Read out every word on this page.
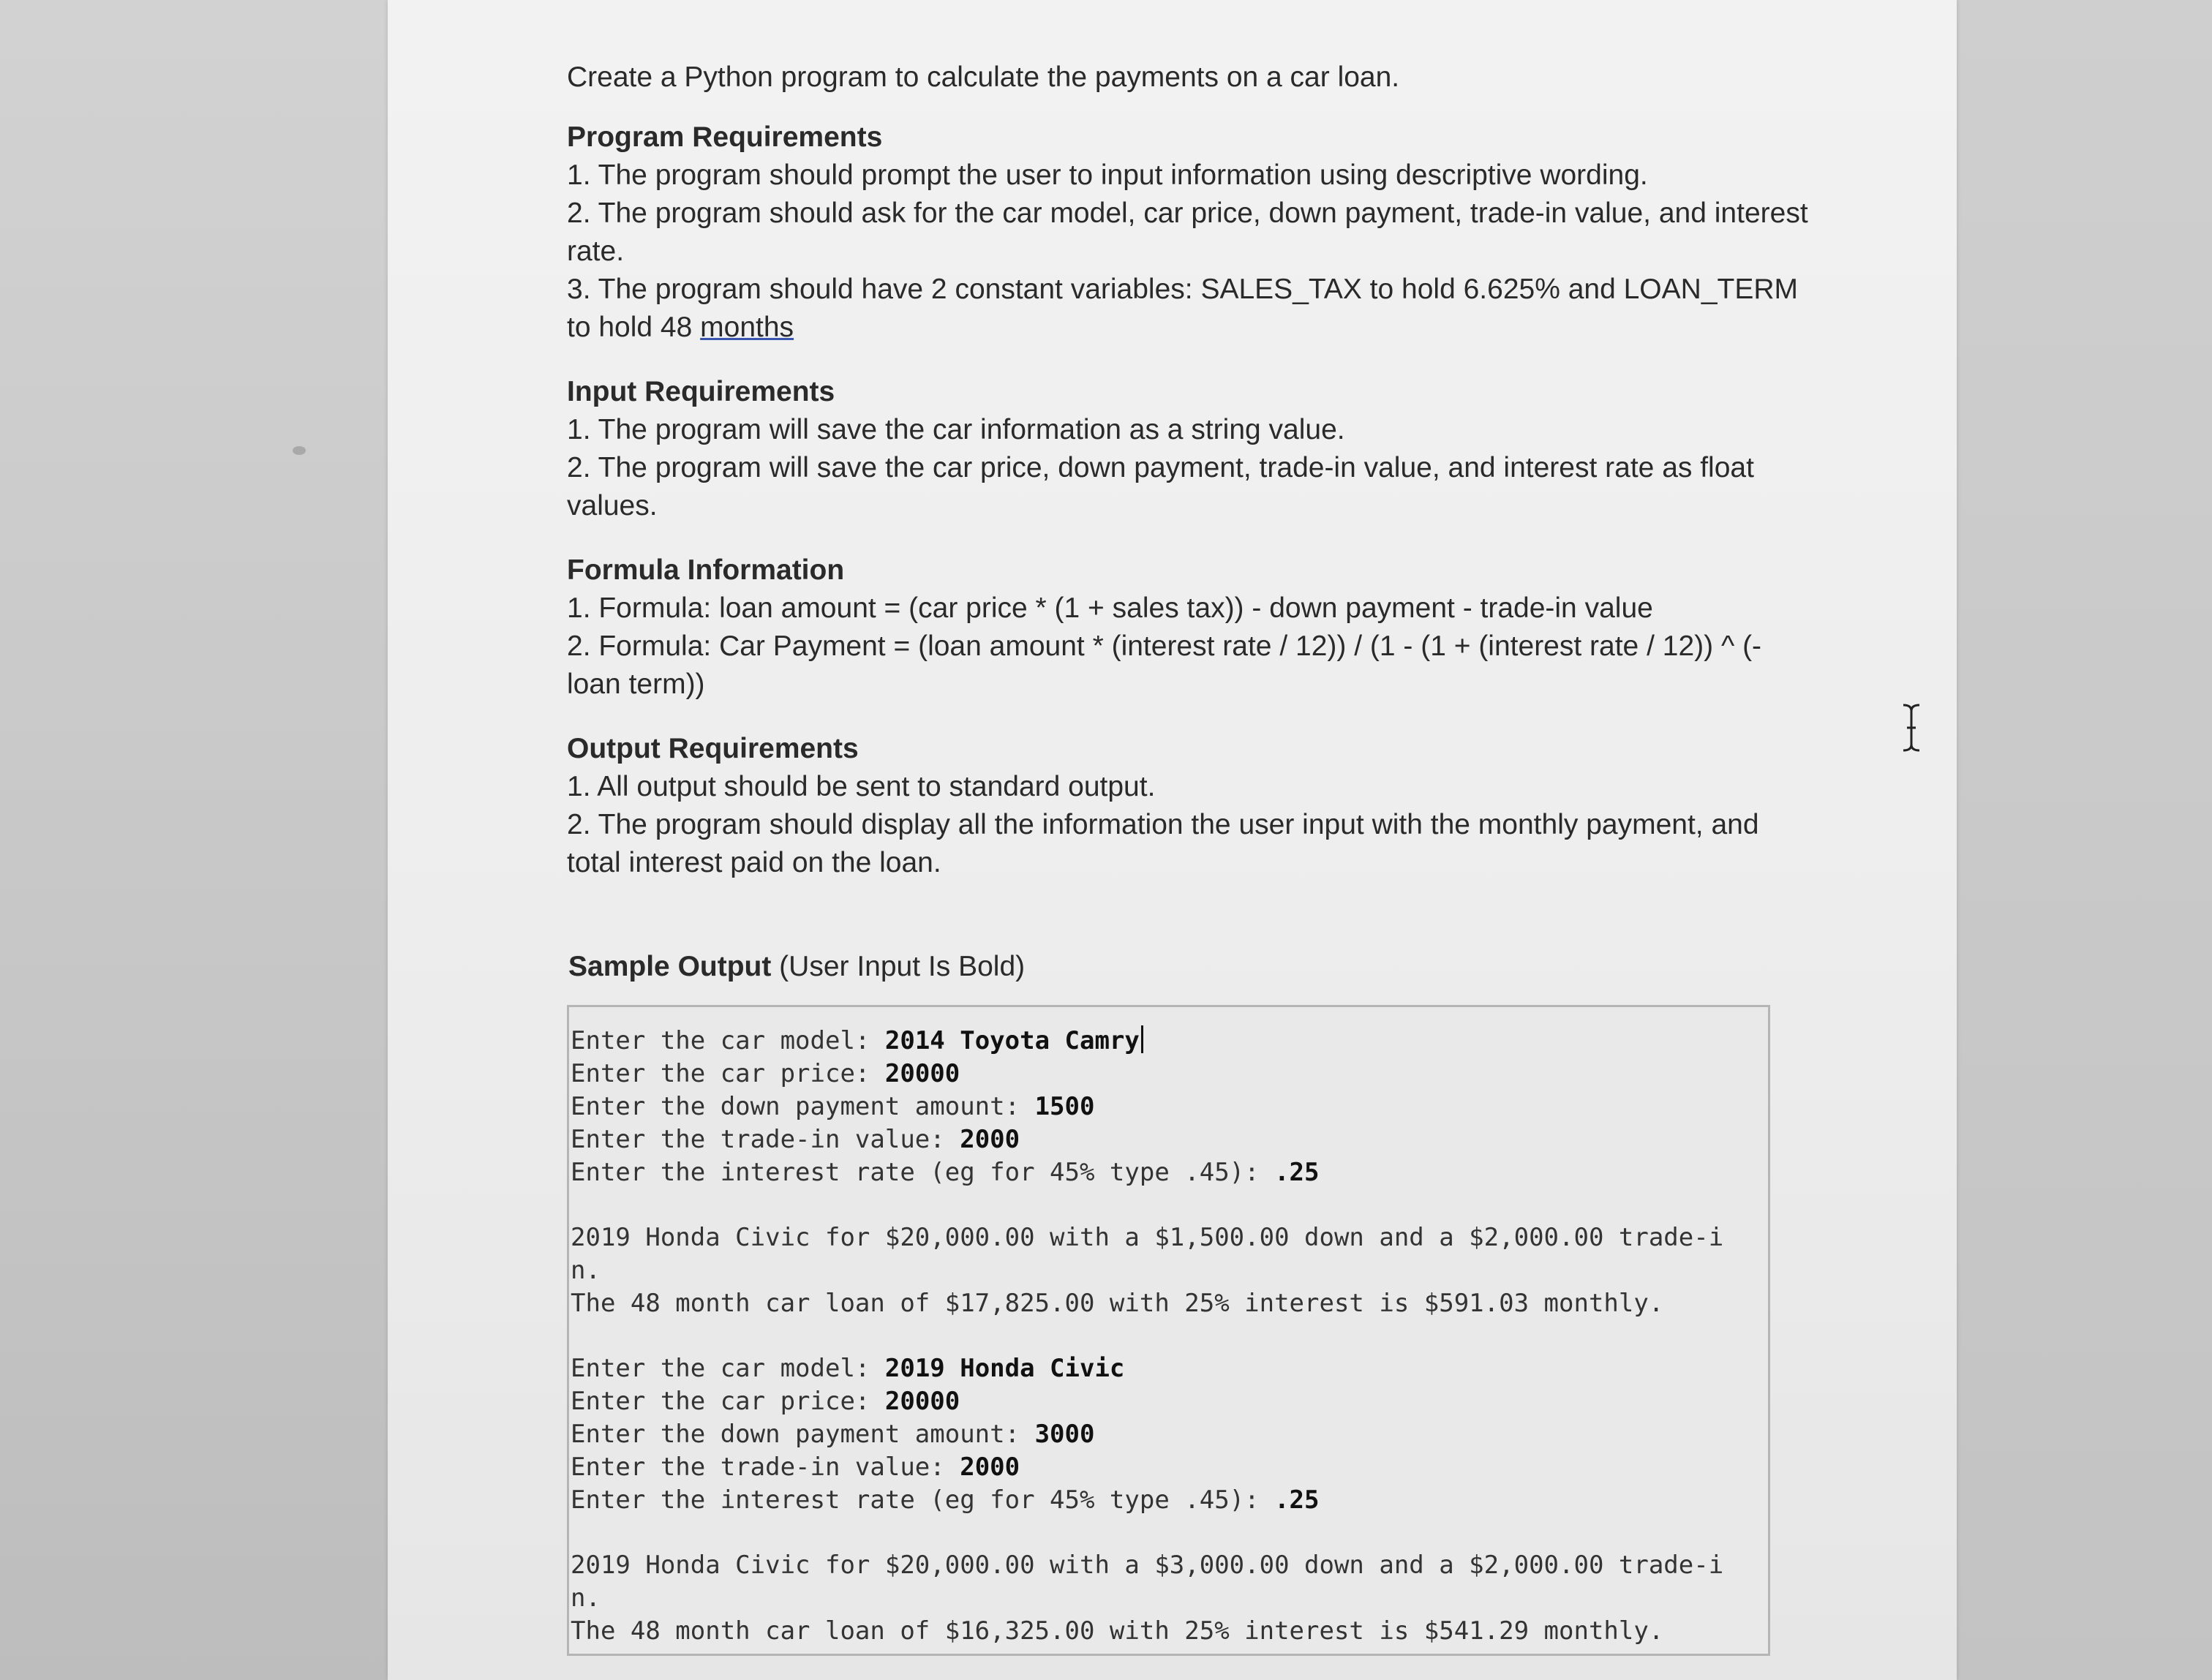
Create a Python program to calculate the payments on a car loan.

Program Requirements
1. The program should prompt the user to input information using descriptive wording.
2. The program should ask for the car model, car price, down payment, trade-in value, and interest rate.
3. The program should have 2 constant variables: SALES_TAX to hold 6.625% and LOAN_TERM to hold 48 months
Input Requirements
1. The program will save the car information as a string value.
2. The program will save the car price, down payment, trade-in value, and interest rate as float values.
Formula Information
1. Formula: loan amount = (car price * (1 + sales tax)) - down payment - trade-in value
2. Formula: Car Payment = (loan amount * (interest rate / 12)) / (1 - (1 + (interest rate / 12)) ^ (-loan term))
Output Requirements
1. All output should be sent to standard output.
2. The program should display all the information the user input with the monthly payment, and total interest paid on the loan.

Sample Output (User Input Is Bold)

Enter the car model: 2014 Toyota Camry
Enter the car price: 20000
Enter the down payment amount: 1500
Enter the trade-in value: 2000
Enter the interest rate (eg for 45% type .45): .25
2019 Honda Civic for $20,000.00 with a $1,500.00 down and a $2,000.00 trade-i
n.
The 48 month car loan of $17,825.00 with 25% interest is $591.03 monthly.
Enter the car model: 2019 Honda Civic
Enter the car price: 20000
Enter the down payment amount: 3000
Enter the trade-in value: 2000
Enter the interest rate (eg for 45% type .45): .25
2019 Honda Civic for $20,000.00 with a $3,000.00 down and a $2,000.00 trade-i
n.
The 48 month car loan of $16,325.00 with 25% interest is $541.29 monthly.
